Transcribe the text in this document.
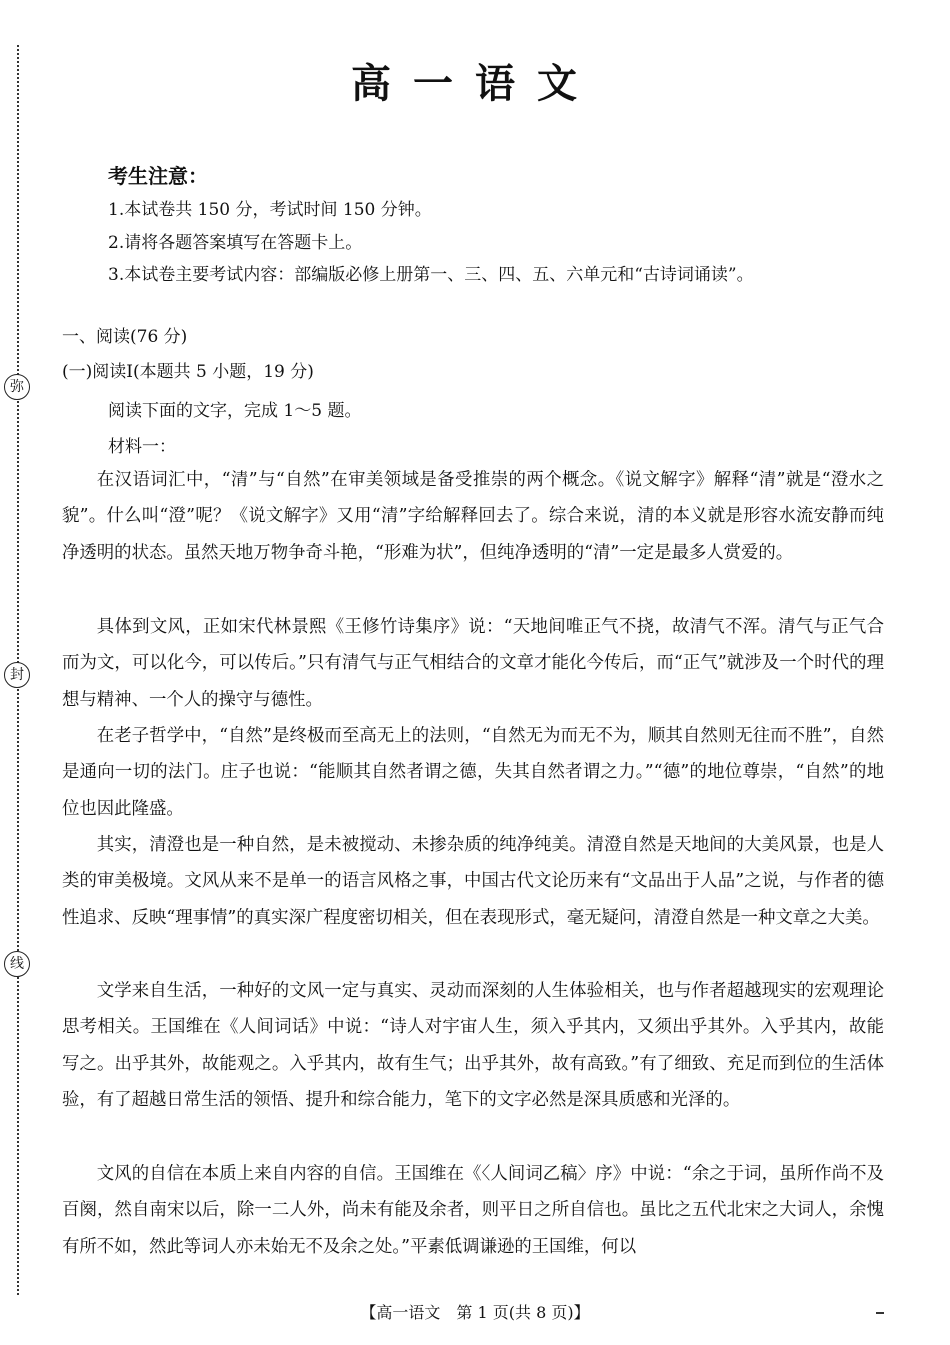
弥
封
线
高一语文
考生注意：
1.本试卷共 150 分，考试时间 150 分钟。
2.请将各题答案填写在答题卡上。
3.本试卷主要考试内容：部编版必修上册第一、三、四、五、六单元和“古诗词诵读”。
一、阅读(76 分)
(一)阅读Ⅰ(本题共 5 小题，19 分)
阅读下面的文字，完成 1～5 题。
材料一：

在汉语词汇中，“清”与“自然”在审美领域是备受推崇的两个概念。《说文解字》解释“清”就是“澄水之貌”。什么叫“澄”呢？《说文解字》又用“清”字给解释回去了。综合来说，清的本义就是形容水流安静而纯净透明的状态。虽然天地万物争奇斗艳，“形难为状”，但纯净透明的“清”一定是最多人赏爱的。

具体到文风，正如宋代林景熙《王修竹诗集序》说：“天地间唯正气不挠，故清气不浑。清气与正气合而为文，可以化今，可以传后。”只有清气与正气相结合的文章才能化今传后，而“正气”就涉及一个时代的理想与精神、一个人的操守与德性。

在老子哲学中，“自然”是终极而至高无上的法则，“自然无为而无不为，顺其自然则无往而不胜”，自然是通向一切的法门。庄子也说：“能顺其自然者谓之德，失其自然者谓之力。”“德”的地位尊崇，“自然”的地位也因此隆盛。

其实，清澄也是一种自然，是未被搅动、未掺杂质的纯净纯美。清澄自然是天地间的大美风景，也是人类的审美极境。文风从来不是单一的语言风格之事，中国古代文论历来有“文品出于人品”之说，与作者的德性追求、反映“理事情”的真实深广程度密切相关，但在表现形式，毫无疑问，清澄自然是一种文章之大美。

文学来自生活，一种好的文风一定与真实、灵动而深刻的人生体验相关，也与作者超越现实的宏观理论思考相关。王国维在《人间词话》中说：“诗人对宇宙人生，须入乎其内，又须出乎其外。入乎其内，故能写之。出乎其外，故能观之。入乎其内，故有生气；出乎其外，故有高致。”有了细致、充足而到位的生活体验，有了超越日常生活的领悟、提升和综合能力，笔下的文字必然是深具质感和光泽的。

文风的自信在本质上来自内容的自信。王国维在《〈人间词乙稿〉序》中说：“余之于词，虽所作尚不及百阕，然自南宋以后，除一二人外，尚未有能及余者，则平日之所自信也。虽比之五代北宋之大词人，余愧有所不如，然此等词人亦未始无不及余之处。”平素低调谦逊的王国维，何以

【高一语文　第 1 页(共 8 页)】
